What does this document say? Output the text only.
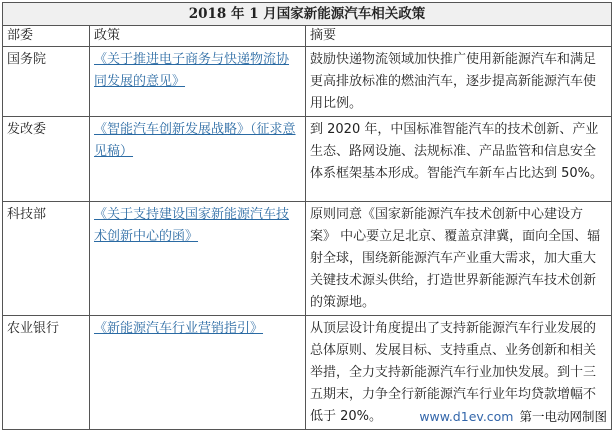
2018 年 1 月国家新能源汽车相关政策		
部委	政策	摘要
国务院	《关于推进电子商务与快递物流协同发展的意见》	鼓励快递物流领域加快推广使用新能源汽车和满足更高排放标准的燃油汽车，逐步提高新能源汽车使用比例。
发改委	《智能汽车创新发展战略》（征求意见稿）	到 2020 年，中国标准智能汽车的技术创新、产业生态、路网设施、法规标准、产品监管和信息安全体系框架基本形成。智能汽车新车占比达到 50%。
科技部	《关于支持建设国家新能源汽车技术创新中心的函》	原则同意《国家新能源汽车技术创新中心建设方案》 中心要立足北京、覆盖京津冀，面向全国、辐射全球，围绕新能源汽车产业重大需求，加大重大关键技术源头供给，打造世界新能源汽车技术创新的策源地。
农业银行	《新能源汽车行业营销指引》	从顶层设计角度提出了支持新能源汽车行业发展的总体原则、发展目标、支持重点、业务创新和相关举措，全力支持新能源汽车行业加快发展。到十三五期末，力争全行新能源汽车行业年均贷款增幅不低于 20%。	www.d1ev.com 第一电动网制图
